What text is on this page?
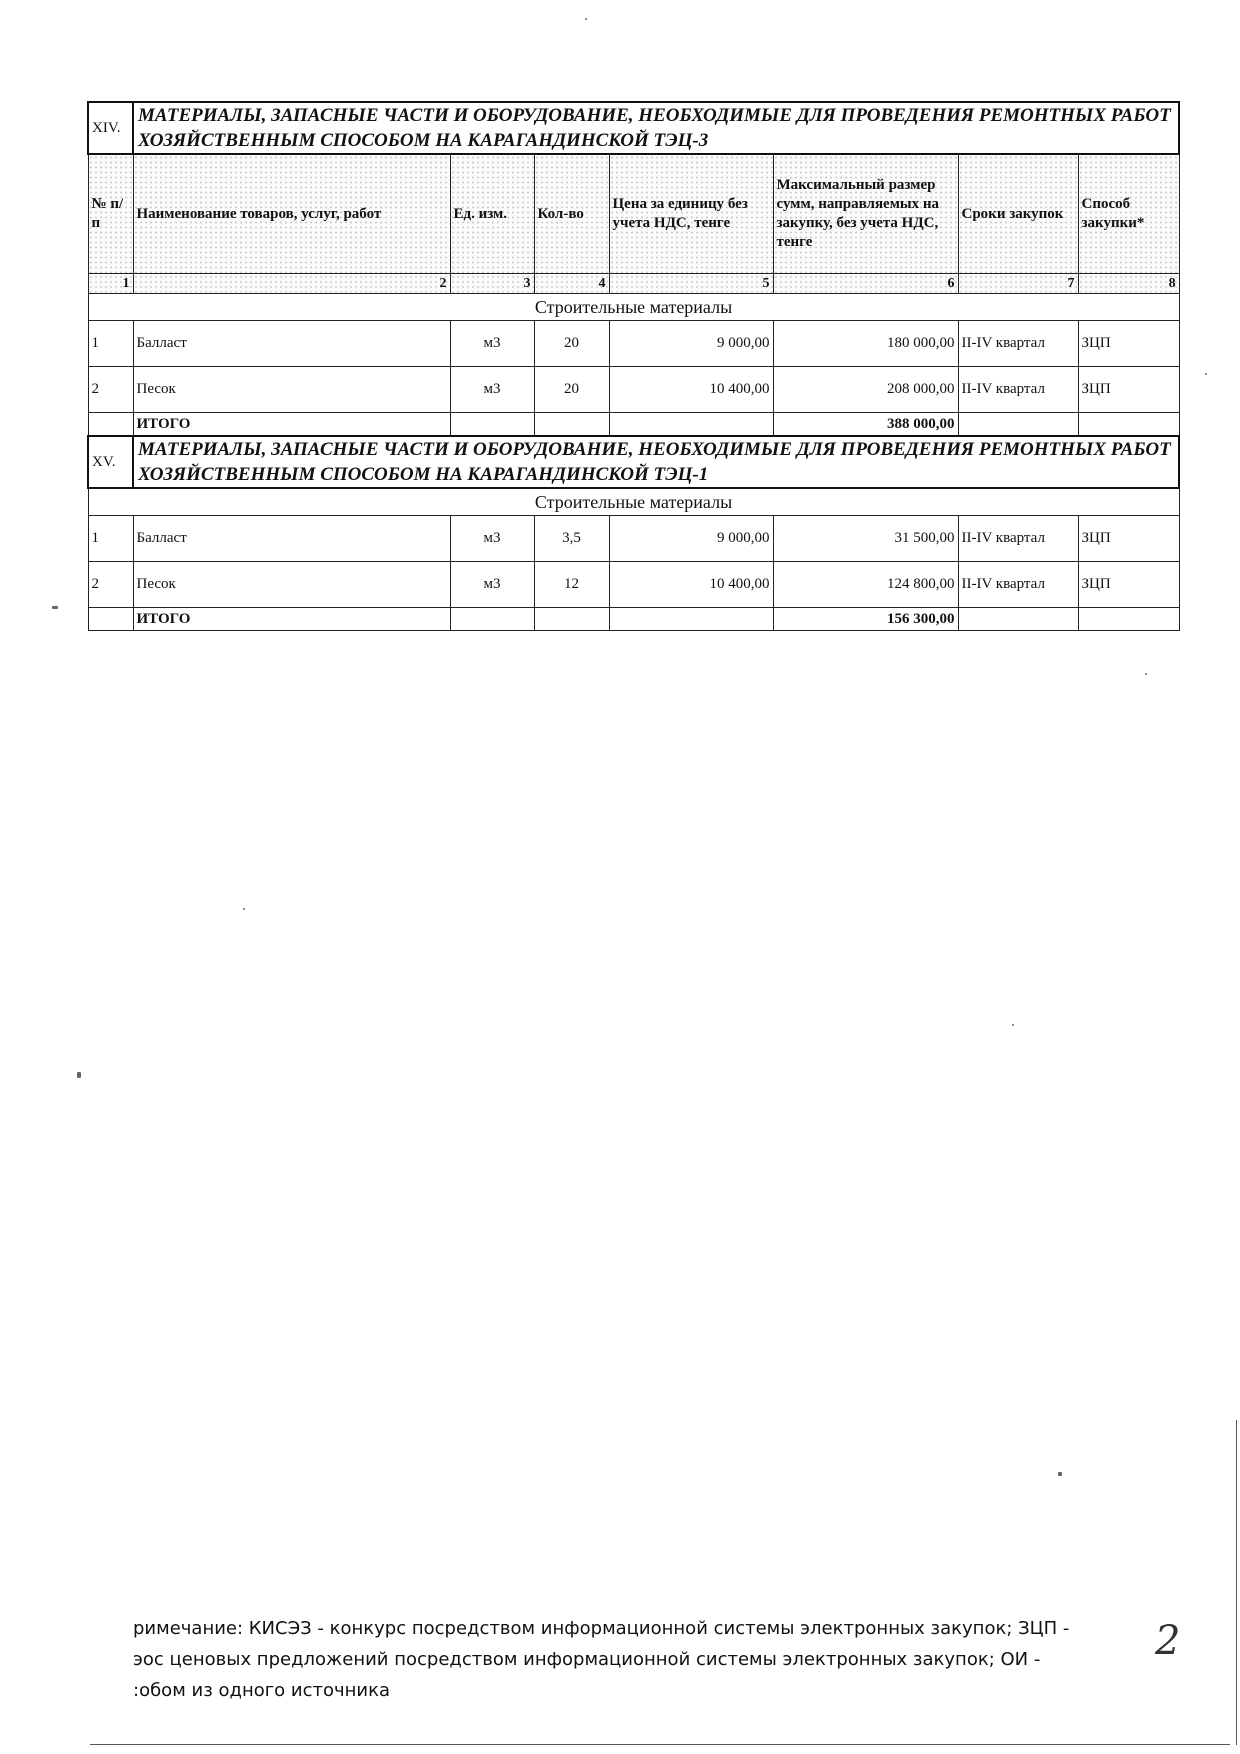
XIV.	МАТЕРИАЛЫ, ЗАПАСНЫЕ ЧАСТИ И ОБОРУДОВАНИЕ, НЕОБХОДИМЫЕ ДЛЯ ПРОВЕДЕНИЯ РЕМОНТНЫХ РАБОТ ХОЗЯЙСТВЕННЫМ СПОСОБОМ НА КАРАГАНДИНСКОЙ ТЭЦ-3						
№ п/п	Наименование товаров, услуг, работ	Ед. изм.	Кол-во	Цена за единицу без учета НДС, тенге	Максимальный размер сумм, направляемых на закупку, без учета НДС, тенге	Сроки закупок	Способ закупки*
1	2	3	4	5	6	7	8
Строительные материалы							
1	Балласт	м3	20	9 000,00	180 000,00	II-IV квартал	ЗЦП
2	Песок	м3	20	10 400,00	208 000,00	II-IV квартал	ЗЦП
	ИТОГО				388 000,00		
XV.	МАТЕРИАЛЫ, ЗАПАСНЫЕ ЧАСТИ И ОБОРУДОВАНИЕ, НЕОБХОДИМЫЕ ДЛЯ ПРОВЕДЕНИЯ РЕМОНТНЫХ РАБОТ ХОЗЯЙСТВЕННЫМ СПОСОБОМ НА КАРАГАНДИНСКОЙ ТЭЦ-1						
Строительные материалы							
1	Балласт	м3	3,5	9 000,00	31 500,00	II-IV квартал	ЗЦП
2	Песок	м3	12	10 400,00	124 800,00	II-IV квартал	ЗЦП
	ИТОГО				156 300,00		
римечание: КИСЭЗ - конкурс посредством информационной системы электронных закупок; ЗЦП -
эос ценовых предложений посредством информационной системы электронных закупок; ОИ -
:обом из одного источника
2
